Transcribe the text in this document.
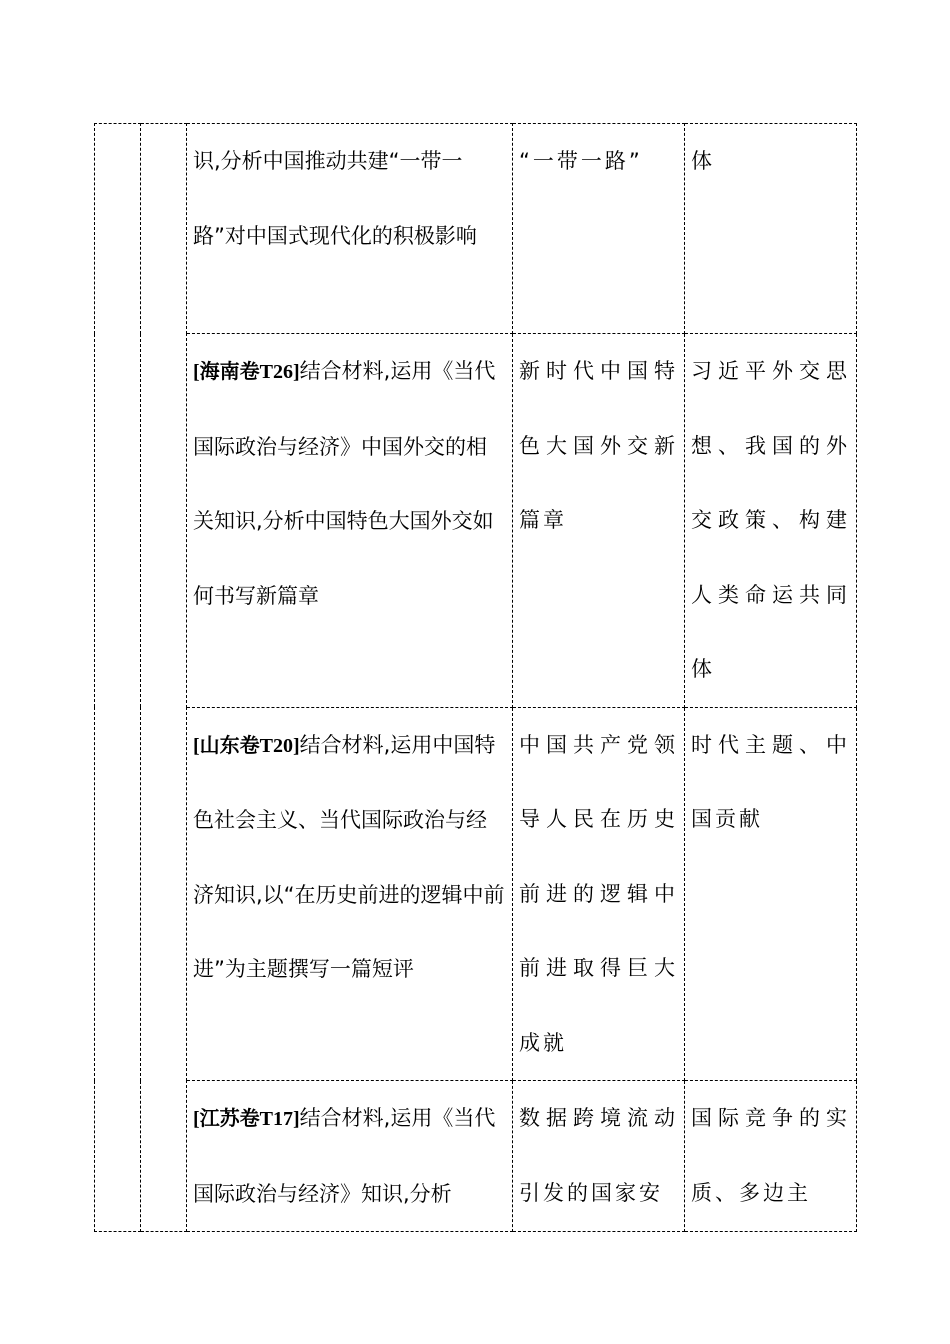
		识,分析中国推动共建“一带一路”对中国式现代化的积极影响	“一带一路”	体

		[海南卷T26]结合材料,运用《当代国际政治与经济》中国外交的相关知识,分析中国特色大国外交如何书写新篇章	新时代中国特色大国外交新篇章	习近平外交思想、我国的外交政策、构建人类命运共同体

		[山东卷T20]结合材料,运用中国特色社会主义、当代国际政治与经济知识,以“在历史前进的逻辑中前进”为主题撰写一篇短评	中国共产党领导人民在历史前进的逻辑中前进取得巨大成就	时代主题、中国贡献

		[江苏卷T17]结合材料,运用《当代国际政治与经济》知识,分析	数据跨境流动引发的国家安	国际竞争的实质、多边主
